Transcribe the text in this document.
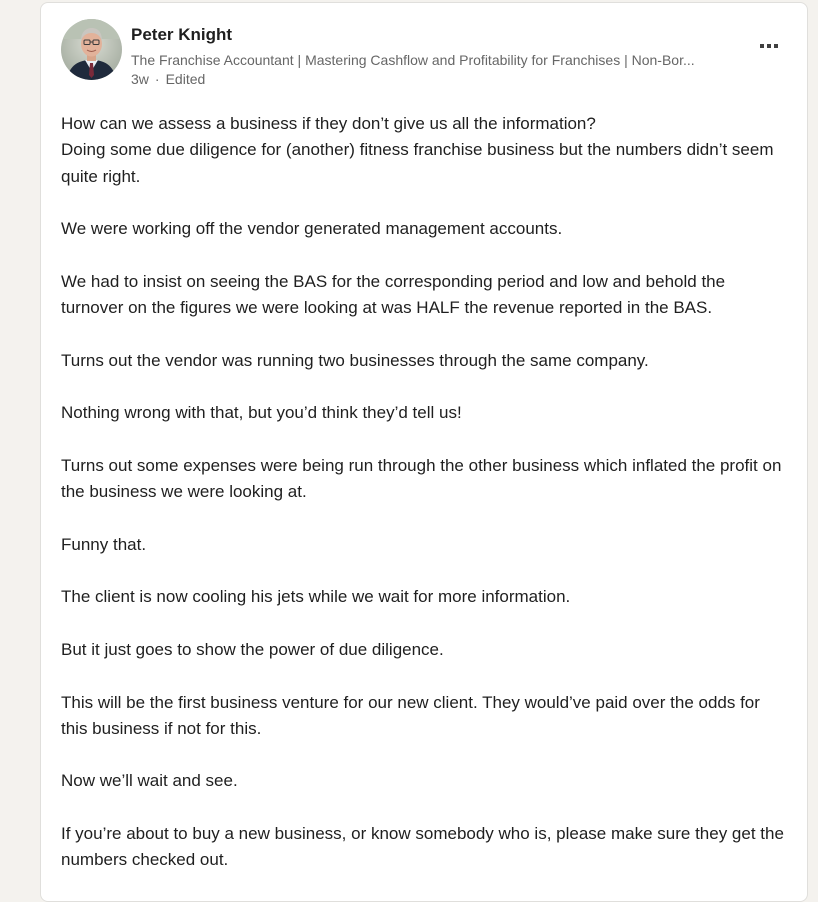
Peter Knight
The Franchise Accountant | Mastering Cashflow and Profitability for Franchises | Non-Bor...
3w · Edited

How can we assess a business if they don’t give us all the information?
Doing some due diligence for (another) fitness franchise business but the numbers didn’t seem quite right.

We were working off the vendor generated management accounts.

We had to insist on seeing the BAS for the corresponding period and low and behold the turnover on the figures we were looking at was HALF the revenue reported in the BAS.

Turns out the vendor was running two businesses through the same company.

Nothing wrong with that, but you’d think they’d tell us!

Turns out some expenses were being run through the other business which inflated the profit on the business we were looking at.

Funny that.

The client is now cooling his jets while we wait for more information.

But it just goes to show the power of due diligence.

This will be the first business venture for our new client. They would’ve paid over the odds for this business if not for this.

Now we’ll wait and see.

If you’re about to buy a new business, or know somebody who is, please make sure they get the numbers checked out.
